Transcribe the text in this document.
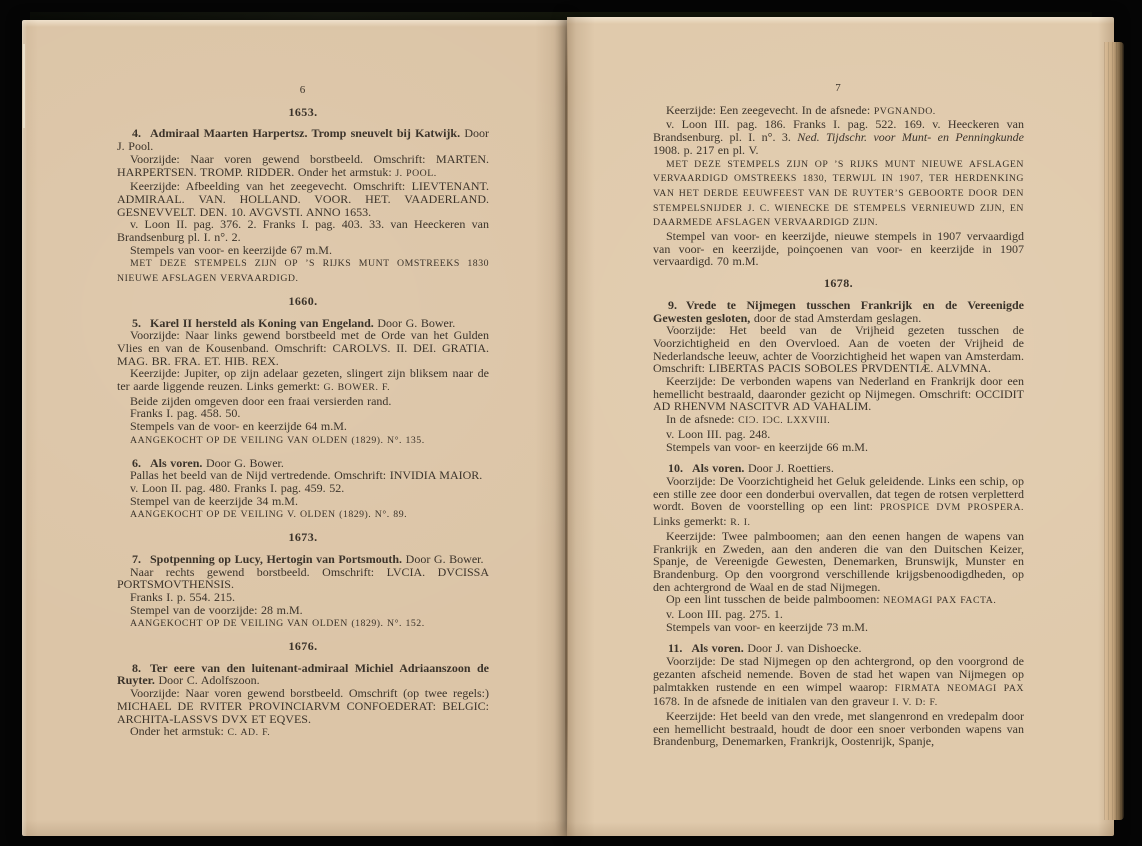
6
1653.

4. Admiraal Maarten Harpertsz. Tromp sneuvelt bij Katwijk. Door J. Pool.

Voorzijde: Naar voren gewend borstbeeld. Omschrift: MARTEN. HARPERTSEN. TROMP. RIDDER. Onder het armstuk: J. POOL.

Keerzijde: Afbeelding van het zeegevecht. Omschrift: LIEVTENANT. ADMIRAAL. VAN. HOLLAND. VOOR. HET. VAADERLAND. GESNEVVELT. DEN. 10. AVGVSTI. ANNO 1653.

v. Loon II. pag. 376. 2. Franks I. pag. 403. 33. van Heeckeren van Brandsenburg pl. I. n°. 2.

Stempels van voor- en keerzijde 67 m.M.

MET DEZE STEMPELS ZIJN OP ’S RIJKS MUNT OMSTREEKS 1830 NIEUWE AFSLAGEN VERVAARDIGD.

1660.

5. Karel II hersteld als Koning van Engeland. Door G. Bower.

Voorzijde: Naar links gewend borstbeeld met de Orde van het Gulden Vlies en van de Kousenband. Omschrift: CAROLVS. II. DEI. GRATIA. MAG. BR. FRA. ET. HIB. REX.

Keerzijde: Jupiter, op zijn adelaar gezeten, slingert zijn bliksem naar de ter aarde liggende reuzen. Links gemerkt: G. BOWER. F.

Beide zijden omgeven door een fraai versierden rand.

Franks I. pag. 458. 50.

Stempels van de voor- en keerzijde 64 m.M.

AANGEKOCHT OP DE VEILING VAN OLDEN (1829). N°. 135.

6. Als voren. Door G. Bower.

Pallas het beeld van de Nijd vertredende. Omschrift: INVIDIA MAIOR.

v. Loon II. pag. 480. Franks I. pag. 459. 52.

Stempel van de keerzijde 34 m.M.

AANGEKOCHT OP DE VEILING V. OLDEN (1829). N°. 89.

1673.

7. Spotpenning op Lucy, Hertogin van Portsmouth. Door G. Bower.

Naar rechts gewend borstbeeld. Omschrift: LVCIA. DVCISSA PORTSMOVTHENSIS.

Franks I. p. 554. 215.

Stempel van de voorzijde: 28 m.M.

AANGEKOCHT OP DE VEILING VAN OLDEN (1829). N°. 152.

1676.

8. Ter eere van den luitenant-admiraal Michiel Adriaanszoon de Ruyter. Door C. Adolfszoon.

Voorzijde: Naar voren gewend borstbeeld. Omschrift (op twee regels:) MICHAEL DE RVITER PROVINCIARVM CONFOEDERAT: BELGIC: ARCHITA-LASSVS DVX ET EQVES.

Onder het armstuk: C. AD. F.

7

Keerzijde: Een zeegevecht. In de afsnede: PVGNANDO.

v. Loon III. pag. 186. Franks I. pag. 522. 169. v. Heeckeren van Brandsenburg. pl. I. n°. 3. Ned. Tijdschr. voor Munt- en Penningkunde 1908. p. 217 en pl. V.

MET DEZE STEMPELS ZIJN OP ’S RIJKS MUNT NIEUWE AFSLAGEN VERVAARDIGD OMSTREEKS 1830, TERWIJL IN 1907, TER HERDENKING VAN HET DERDE EEUWFEEST VAN DE RUYTER’S GEBOORTE DOOR DEN STEMPELSNIJDER J. C. WIENECKE DE STEMPELS VERNIEUWD ZIJN, EN DAARMEDE AFSLAGEN VERVAARDIGD ZIJN.

Stempel van voor- en keerzijde, nieuwe stempels in 1907 vervaardigd van voor- en keerzijde, poinçoenen van voor- en keerzijde in 1907 vervaardigd. 70 m.M.

1678.

9. Vrede te Nijmegen tusschen Frankrijk en de Vereenigde Gewesten gesloten, door de stad Amsterdam geslagen.

Voorzijde: Het beeld van de Vrijheid gezeten tusschen de Voorzichtigheid en den Overvloed. Aan de voeten der Vrijheid de Nederlandsche leeuw, achter de Voorzichtigheid het wapen van Amsterdam. Omschrift: LIBERTAS PACIS SOBOLES PRVDENTIÆ. ALVMNA.

Keerzijde: De verbonden wapens van Nederland en Frankrijk door een hemellicht bestraald, daaronder gezicht op Nijmegen. Omschrift: OCCIDIT AD RHENVM NASCITVR AD VAHALIM.

In de afsnede: CIƆ. IƆC. LXXVIII.

v. Loon III. pag. 248.

Stempels van voor- en keerzijde 66 m.M.

10. Als voren. Door J. Roettiers.

Voorzijde: De Voorzichtigheid het Geluk geleidende. Links een schip, op een stille zee door een donderbui overvallen, dat tegen de rotsen verpletterd wordt. Boven de voorstelling op een lint: PROSPICE DVM PROSPERA. Links gemerkt: R. I.

Keerzijde: Twee palmboomen; aan den eenen hangen de wapens van Frankrijk en Zweden, aan den anderen die van den Duitschen Keizer, Spanje, de Vereenigde Gewesten, Denemarken, Brunswijk, Munster en Brandenburg. Op den voorgrond verschillende krijgsbenoodigdheden, op den achtergrond de Waal en de stad Nijmegen.

Op een lint tusschen de beide palmboomen: NEOMAGI PAX FACTA.

v. Loon III. pag. 275. 1.

Stempels van voor- en keerzijde 73 m.M.

11. Als voren. Door J. van Dishoecke.

Voorzijde: De stad Nijmegen op den achtergrond, op den voorgrond de gezanten afscheid nemende. Boven de stad het wapen van Nijmegen op palmtakken rustende en een wimpel waarop: FIRMATA NEOMAGI PAX 1678. In de afsnede de initialen van den graveur I. V. D: F.

Keerzijde: Het beeld van den vrede, met slangenrond en vredepalm door een hemellicht bestraald, houdt de door een snoer verbonden wapens van Brandenburg, Denemarken, Frankrijk, Oostenrijk, Spanje,
